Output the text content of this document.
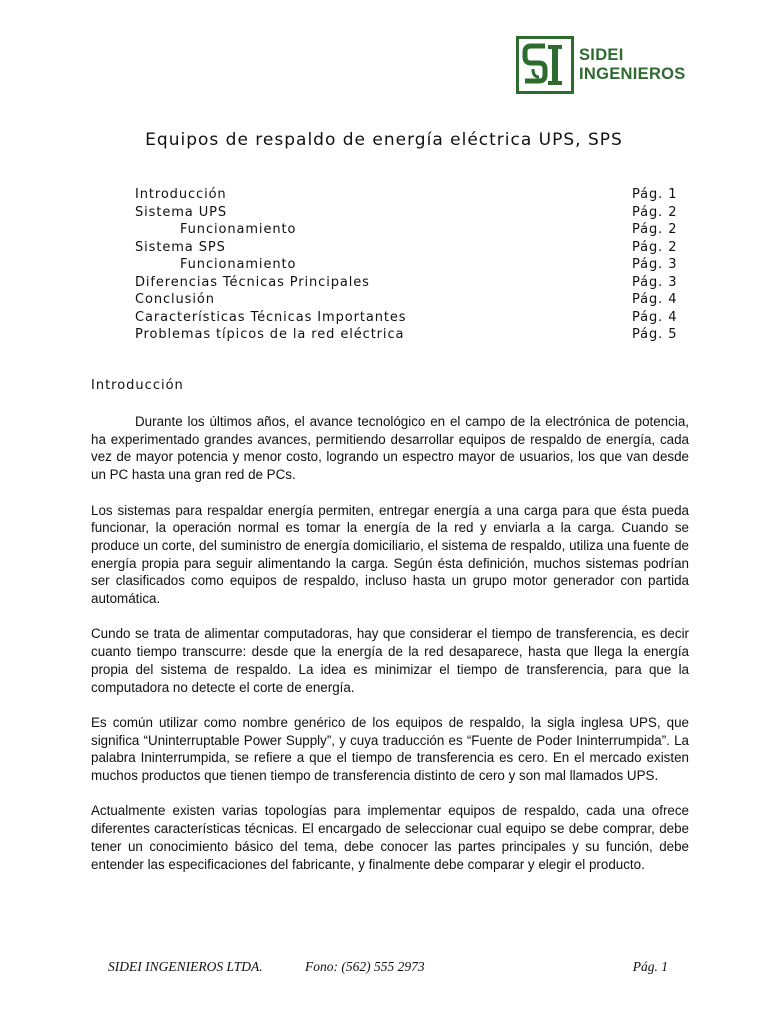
SIDEI
INGENIEROS
Equipos de respaldo de energía eléctrica UPS, SPS
Introducción	Pág. 1
Sistema UPS	Pág. 2
Funcionamiento	Pág. 2
Sistema SPS	Pág. 2
Funcionamiento	Pág. 3
Diferencias Técnicas Principales	Pág. 3
Conclusión	Pág. 4
Características Técnicas Importantes	Pág. 4
Problemas típicos de la red eléctrica	Pág. 5
Introducción

Durante los últimos años, el avance tecnológico en el campo de la electrónica de potencia, ha experimentado grandes avances, permitiendo desarrollar equipos de respaldo de energía, cada vez de mayor potencia y menor costo, logrando un espectro mayor de usuarios, los que van desde un PC hasta una gran red de PCs.

Los sistemas para respaldar energía permiten, entregar energía a una carga para que ésta pueda funcionar, la operación normal es tomar la energía de la red y enviarla a la carga. Cuando se produce un corte, del suministro de energía domiciliario, el sistema de respaldo, utiliza una fuente de energía propia para seguir alimentando la carga. Según ésta definición, muchos sistemas podrían ser clasificados como equipos de respaldo, incluso hasta un grupo motor generador con partida automática.

Cundo se trata de alimentar computadoras, hay que considerar el tiempo de transferencia, es decir cuanto tiempo transcurre: desde que la energía de la red desaparece, hasta que llega la energía propia del sistema de respaldo. La idea es minimizar el tiempo de transferencia, para que la computadora no detecte el corte de energía.

Es común utilizar como nombre genérico de los equipos de respaldo, la sigla inglesa UPS, que significa “Uninterruptable Power Supply”, y cuya traducción es “Fuente de Poder Ininterrumpida”. La palabra Ininterrumpida, se refiere a que el tiempo de transferencia es cero. En el mercado existen muchos productos que tienen tiempo de transferencia distinto de cero y son mal llamados UPS.

Actualmente existen varias topologías para implementar equipos de respaldo, cada una ofrece diferentes características técnicas. El encargado de seleccionar cual equipo se debe comprar, debe tener un conocimiento básico del tema, debe conocer las partes principales y su función, debe entender las especificaciones del fabricante, y finalmente debe comparar y elegir el producto.

SIDEI INGENIEROS LTDA.	Fono: (562) 555 2973	Pág. 1
